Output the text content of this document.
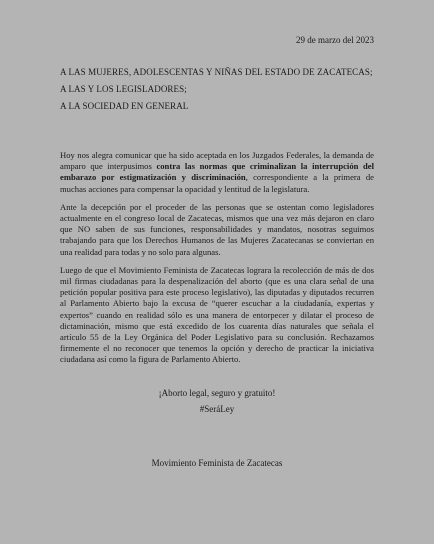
29 de marzo del 2023

A LAS MUJERES, ADOLESCENTAS Y NIÑAS DEL ESTADO DE ZACATECAS;

A LAS Y LOS LEGISLADORES;

A LA SOCIEDAD EN GENERAL

Hoy nos alegra comunicar que ha sido aceptada en los Juzgados Federales, la demanda de amparo que interpusimos contra las normas que criminalizan la interrupción del embarazo por estigmatización y discriminación, correspondiente a la primera de muchas acciones para compensar la opacidad y lentitud de la legislatura.

Ante la decepción por el proceder de las personas que se ostentan como legisladores actualmente en el congreso local de Zacatecas, mismos que una vez más dejaron en claro que NO saben de sus funciones, responsabilidades y mandatos, nosotras seguimos trabajando para que los Derechos Humanos de las Mujeres Zacatecanas se conviertan en una realidad para todas y no solo para algunas.

Luego de que el Movimiento Feminista de Zacatecas lograra la recolección de más de dos mil firmas ciudadanas para la despenalización del aborto (que es una clara señal de una petición popular positiva para este proceso legislativo), las diputadas y diputados recurren al Parlamento Abierto bajo la excusa de “querer escuchar a la ciudadanía, expertas y expertos” cuando en realidad sólo es una manera de entorpecer y dilatar el proceso de dictaminación, mismo que está excedido de los cuarenta días naturales que señala el artículo 55 de la Ley Orgánica del Poder Legislativo para su conclusión. Rechazamos firmemente el no reconocer que tenemos la opción y derecho de practicar la iniciativa ciudadana así como la figura de Parlamento Abierto.

¡Aborto legal, seguro y gratuito!

#SeráLey

Movimiento Feminista de Zacatecas
